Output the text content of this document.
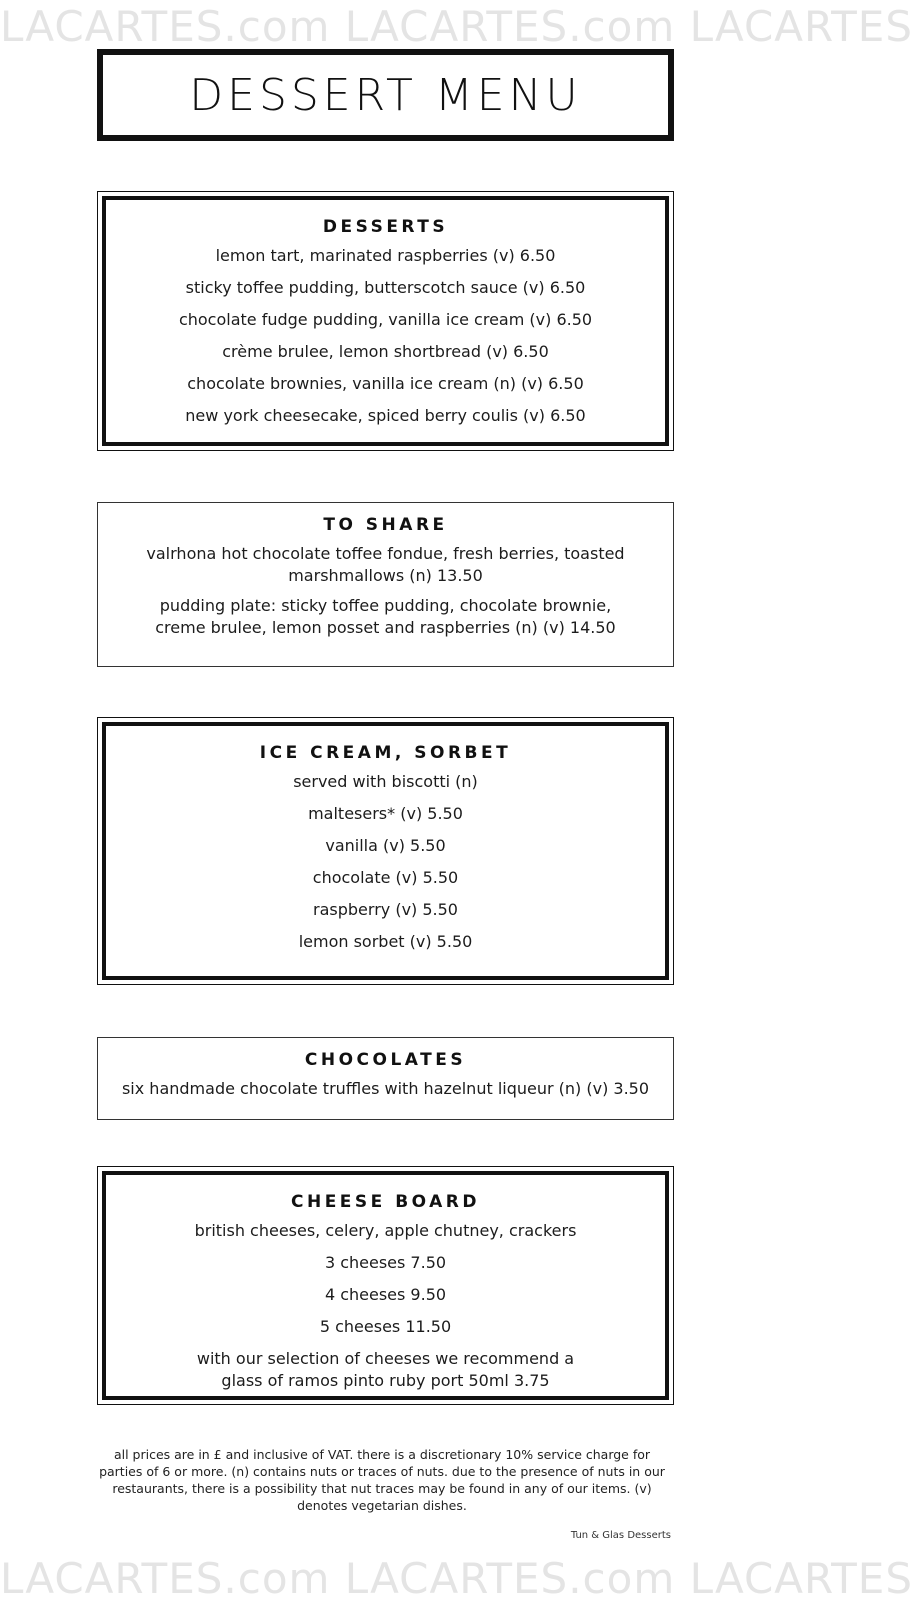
LACARTES.com LACARTES.com LACARTES
DESSERT MENU
DESSERTS
lemon tart, marinated raspberries (v) 6.50
sticky toffee pudding, butterscotch sauce (v) 6.50
chocolate fudge pudding, vanilla ice cream (v) 6.50
crème brulee, lemon shortbread (v) 6.50
chocolate brownies, vanilla ice cream (n) (v) 6.50
new york cheesecake, spiced berry coulis (v) 6.50
TO SHARE
valrhona hot chocolate toffee fondue, fresh berries, toasted marshmallows (n) 13.50
pudding plate: sticky toffee pudding, chocolate brownie, creme brulee, lemon posset and raspberries (n) (v) 14.50
ICE CREAM, SORBET
served with biscotti (n)
maltesers* (v) 5.50
vanilla (v) 5.50
chocolate (v) 5.50
raspberry (v) 5.50
lemon sorbet (v) 5.50
CHOCOLATES
six handmade chocolate truffles with hazelnut liqueur (n) (v) 3.50
CHEESE BOARD
british cheeses, celery, apple chutney, crackers
3 cheeses 7.50
4 cheeses 9.50
5 cheeses 11.50
with our selection of cheeses we recommend a glass of ramos pinto ruby port 50ml 3.75
all prices are in £ and inclusive of VAT. there is a discretionary 10% service charge for parties of 6 or more. (n) contains nuts or traces of nuts. due to the presence of nuts in our restaurants, there is a possibility that nut traces may be found in any of our items. (v) denotes vegetarian dishes.
Tun & Glas Desserts
LACARTES.com LACARTES.com LACARTES
